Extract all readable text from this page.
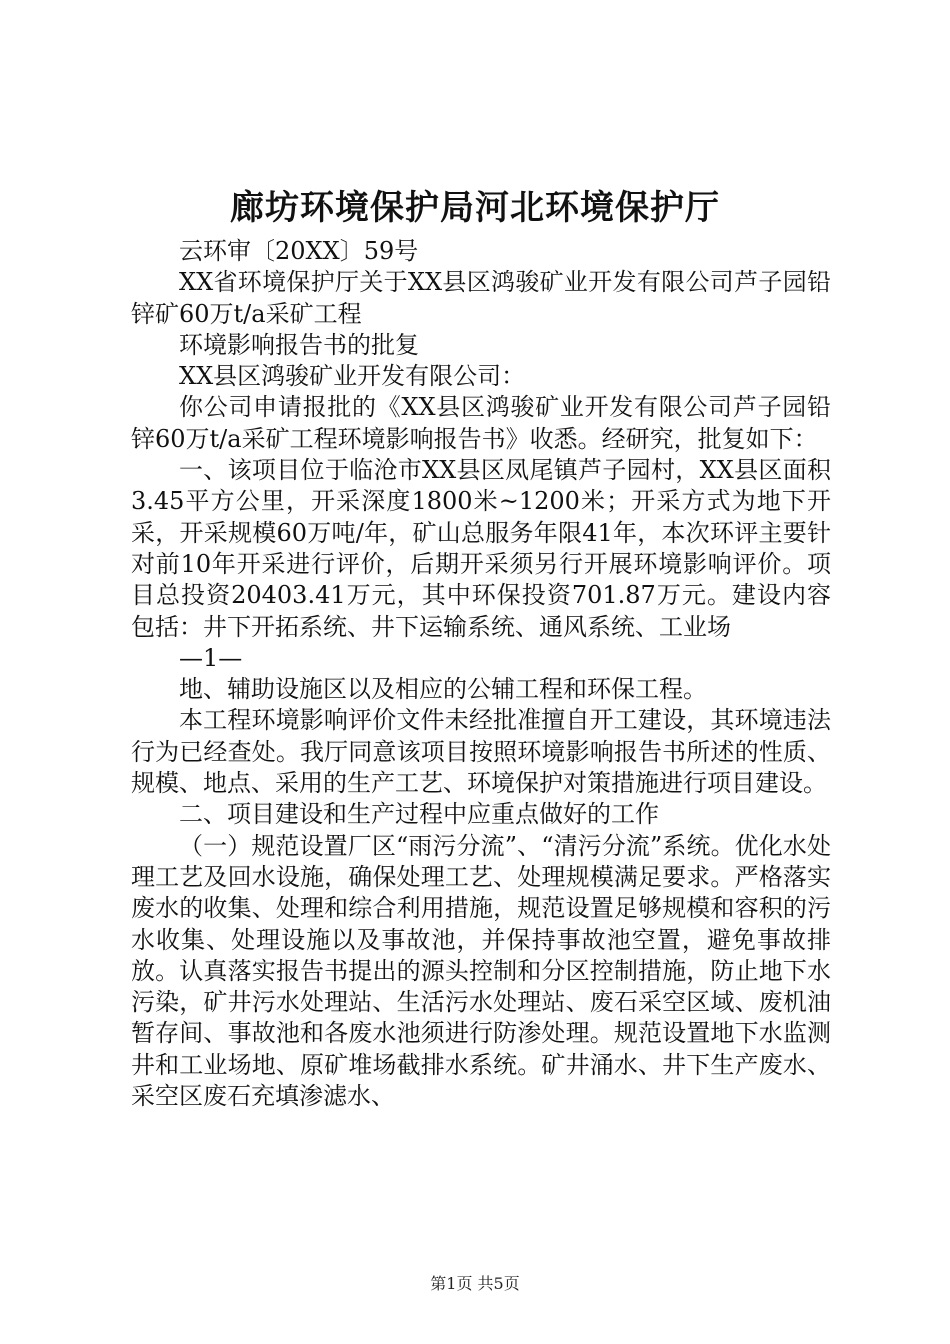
廊坊环境保护局河北环境保护厅

云环审〔20XX〕59号

XX省环境保护厅关于XX县区鸿骏矿业开发有限公司芦子园铅锌矿60万t/a采矿工程

环境影响报告书的批复

XX县区鸿骏矿业开发有限公司：

你公司申请报批的《XX县区鸿骏矿业开发有限公司芦子园铅锌60万t/a采矿工程环境影响报告书》收悉。经研究，批复如下：

一、该项目位于临沧市XX县区凤尾镇芦子园村，XX县区面积3.45平方公里，开采深度1800米~1200米；开采方式为地下开采，开采规模60万吨/年，矿山总服务年限41年，本次环评主要针对前10年开采进行评价，后期开采须另行开展环境影响评价。项目总投资20403.41万元，其中环保投资701.87万元。建设内容包括：井下开拓系统、井下运输系统、通风系统、工业场

—1—

地、辅助设施区以及相应的公辅工程和环保工程。

本工程环境影响评价文件未经批准擅自开工建设，其环境违法行为已经查处。我厅同意该项目按照环境影响报告书所述的性质、规模、地点、采用的生产工艺、环境保护对策措施进行项目建设。

二、项目建设和生产过程中应重点做好的工作

（一）规范设置厂区“雨污分流”、“清污分流”系统。优化水处理工艺及回水设施，确保处理工艺、处理规模满足要求。严格落实废水的收集、处理和综合利用措施，规范设置足够规模和容积的污水收集、处理设施以及事故池，并保持事故池空置，避免事故排放。认真落实报告书提出的源头控制和分区控制措施，防止地下水污染，矿井污水处理站、生活污水处理站、废石采空区域、废机油暂存间、事故池和各废水池须进行防渗处理。规范设置地下水监测井和工业场地、原矿堆场截排水系统。矿井涌水、井下生产废水、采空区废石充填渗滤水、

第1页 共5页
